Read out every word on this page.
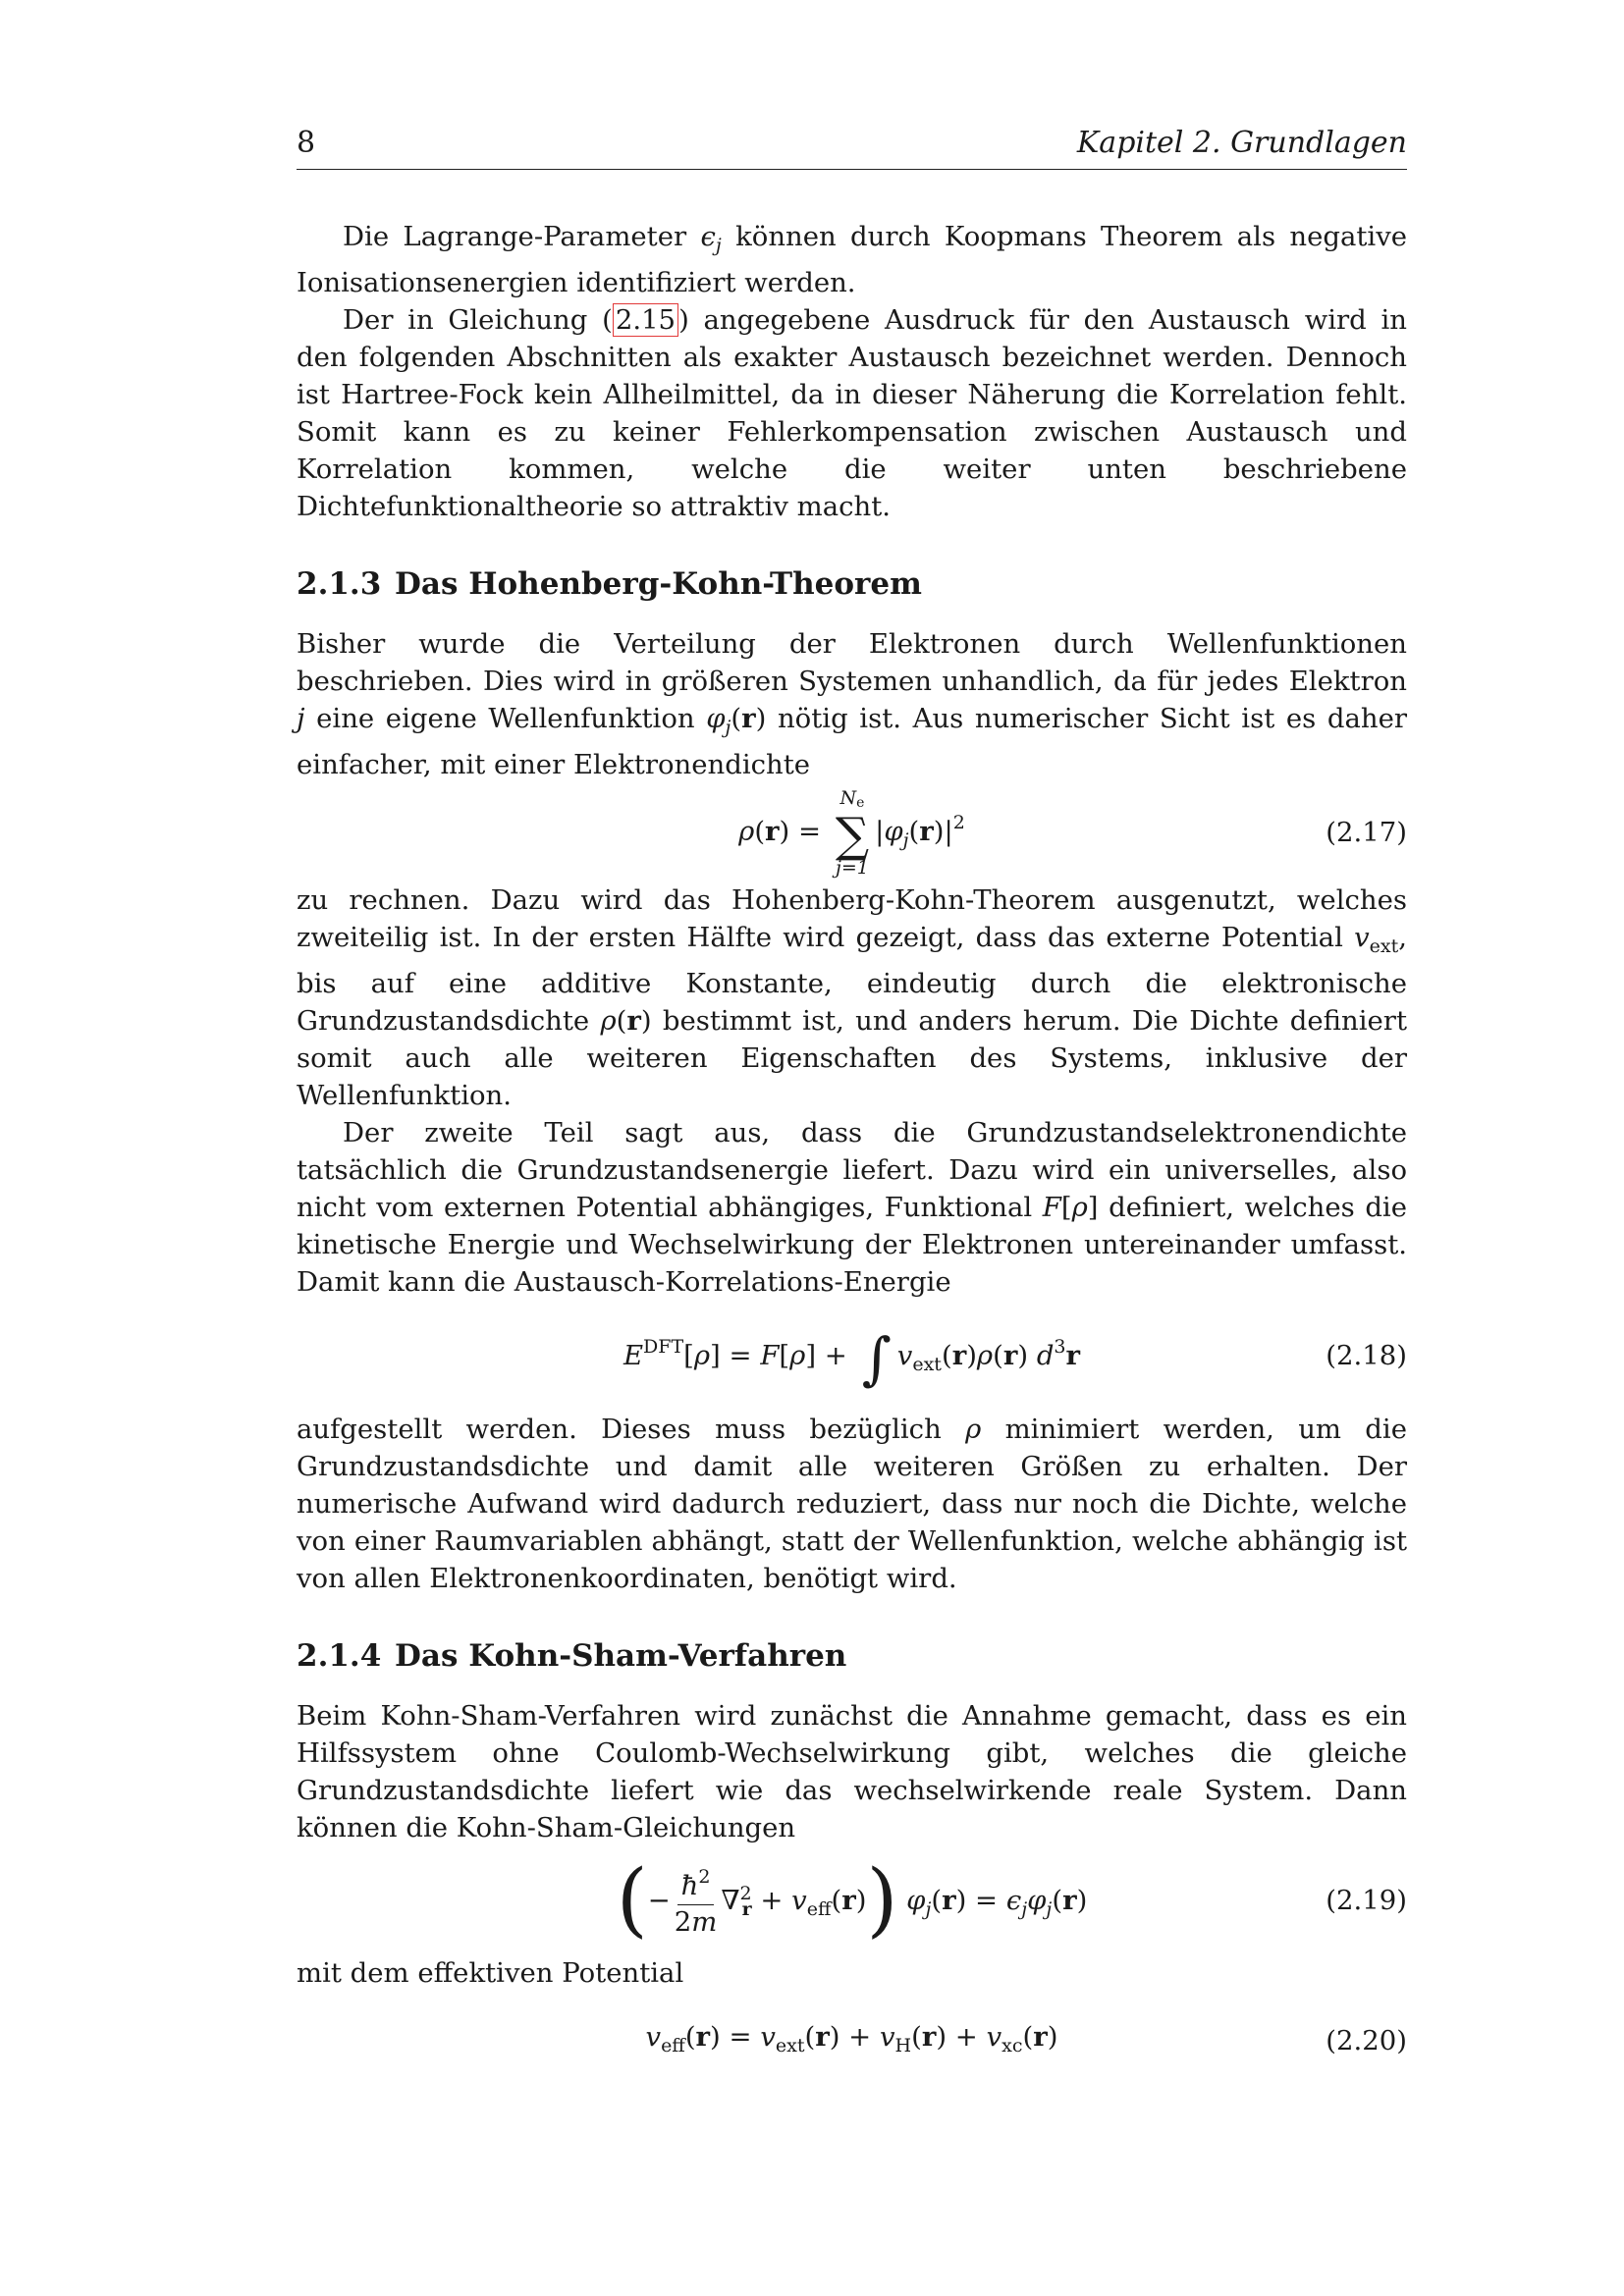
8	Kapitel 2. Grundlagen

Die Lagrange-Parameter $\epsilon_j$ können durch Koopmans Theorem als negative Ionisationsenergien identifiziert werden.

Der in Gleichung ( 2.15 ) angegebene Ausdruck für den Austausch wird in den folgenden Abschnitten als exakter Austausch bezeichnet werden. Dennoch ist Hartree-Fock kein Allheilmittel, da in dieser Näherung die Korrelation fehlt. Somit kann es zu keiner Fehlerkompensation zwischen Austausch und Korrelation kommen, welche die weiter unten beschriebene Dichtefunktionaltheorie so attraktiv macht.

2.1.3 Das Hohenberg-Kohn-Theorem

Bisher wurde die Verteilung der Elektronen durch Wellenfunktionen beschrieben. Dies wird in größeren Systemen unhandlich, da für jedes Elektron j eine eigene Wellenfunktion $\varphi_j(r)$ nötig ist. Aus numerischer Sicht ist es daher einfacher, mit einer Elektronendichte

ρ(r) =
$N_e$
∑
j=1
$|\varphi_j(r)|^2$	(2.17)

zu rechnen. Dazu wird das Hohenberg-Kohn-Theorem ausgenutzt, welches zweiteilig ist. In der ersten Hälfte wird gezeigt, dass das externe Potential $v_{ext}$, bis auf eine additive Konstante, eindeutig durch die elektronische Grundzustandsdichte ρ(r) bestimmt ist, und anders herum. Die Dichte definiert somit auch alle weiteren Eigenschaften des Systems, inklusive der Wellenfunktion.

Der zweite Teil sagt aus, dass die Grundzustandselektronendichte tatsächlich die Grundzustandsenergie liefert. Dazu wird ein universelles, also nicht vom externen Potential abhängiges, Funktional F[ρ] definiert, welches die kinetische Energie und Wechselwirkung der Elektronen untereinander umfasst. Damit kann die Austausch-Korrelations-Energie

$E^{DFT}[\rho] = F[\rho]$ + ∫ $v_{ext}(r)\rho(r)$ $d^3r$	(2.18)

aufgestellt werden. Dieses muss bezüglich ρ minimiert werden, um die Grundzustandsdichte und damit alle weiteren Größen zu erhalten. Der numerische Aufwand wird dadurch reduziert, dass nur noch die Dichte, welche von einer Raumvariablen abhängt, statt der Wellenfunktion, welche abhängig ist von allen Elektronenkoordinaten, benötigt wird.

2.1.4 Das Kohn-Sham-Verfahren

Beim Kohn-Sham-Verfahren wird zunächst die Annahme gemacht, dass es ein Hilfssystem ohne Coulomb-Wechselwirkung gibt, welches die gleiche Grundzustandsdichte liefert wie das wechselwirkende reale System. Dann können die Kohn-Sham-Gleichungen

(− $\frac{ħ^2}{2m} \nabla^2_r + v_{eff}(r)$) $\varphi_j(r) = \epsilon_j\varphi_j(r)$	(2.19)

mit dem effektiven Potential

$v_{eff}(r) = v_{ext}(r) + v_H(r) + v_{xc}(r)$	(2.20)
